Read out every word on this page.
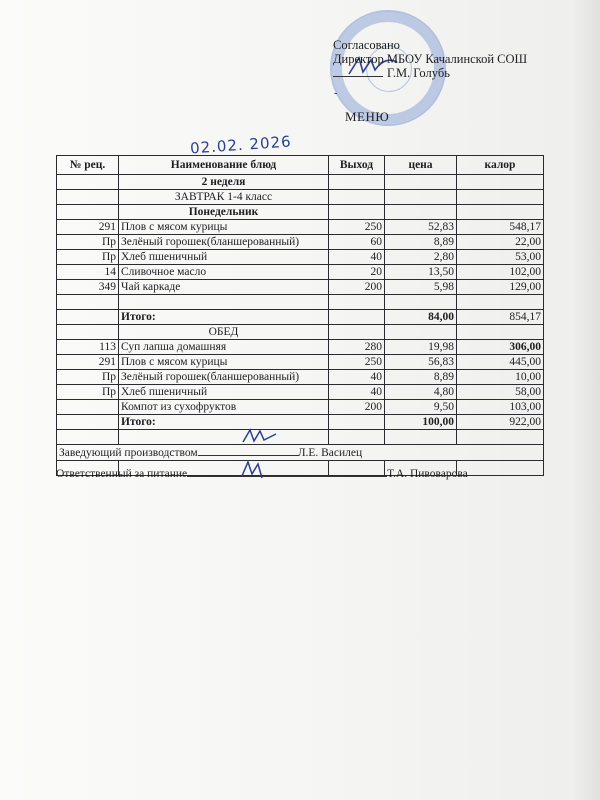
Согласовано
Директор МБОУ Качалинской СОШ
Г.М. Голубь
-
МЕНЮ
02.02. 2026
№ рец.	Наименование блюд	Выход	цена	калор
	2 неделя			
	ЗАВТРАК 1-4 класс			
	Понедельник			
291	Плов с мясом курицы	250	52,83	548,17
Пр	Зелёный горошек(бланшерованный)	60	8,89	22,00
Пр	Хлеб пшеничный	40	2,80	53,00
14	Сливочное масло	20	13,50	102,00
349	Чай каркаде	200	5,98	129,00

	Итого:		84,00	854,17
	ОБЕД			
113	Суп лапша домашняя	280	19,98	306,00
291	Плов с мясом курицы	250	56,83	445,00
Пр	Зелёный горошек(бланшерованный)	40	8,89	10,00
Пр	Хлеб пшеничный	40	4,80	58,00
	Компот из сухофруктов	200	9,50	103,00
	Итого:		100,00	922,00

Заведующий производством Л.Е. Василец				

Ответственный за питание	Т.А. Пивоварова
